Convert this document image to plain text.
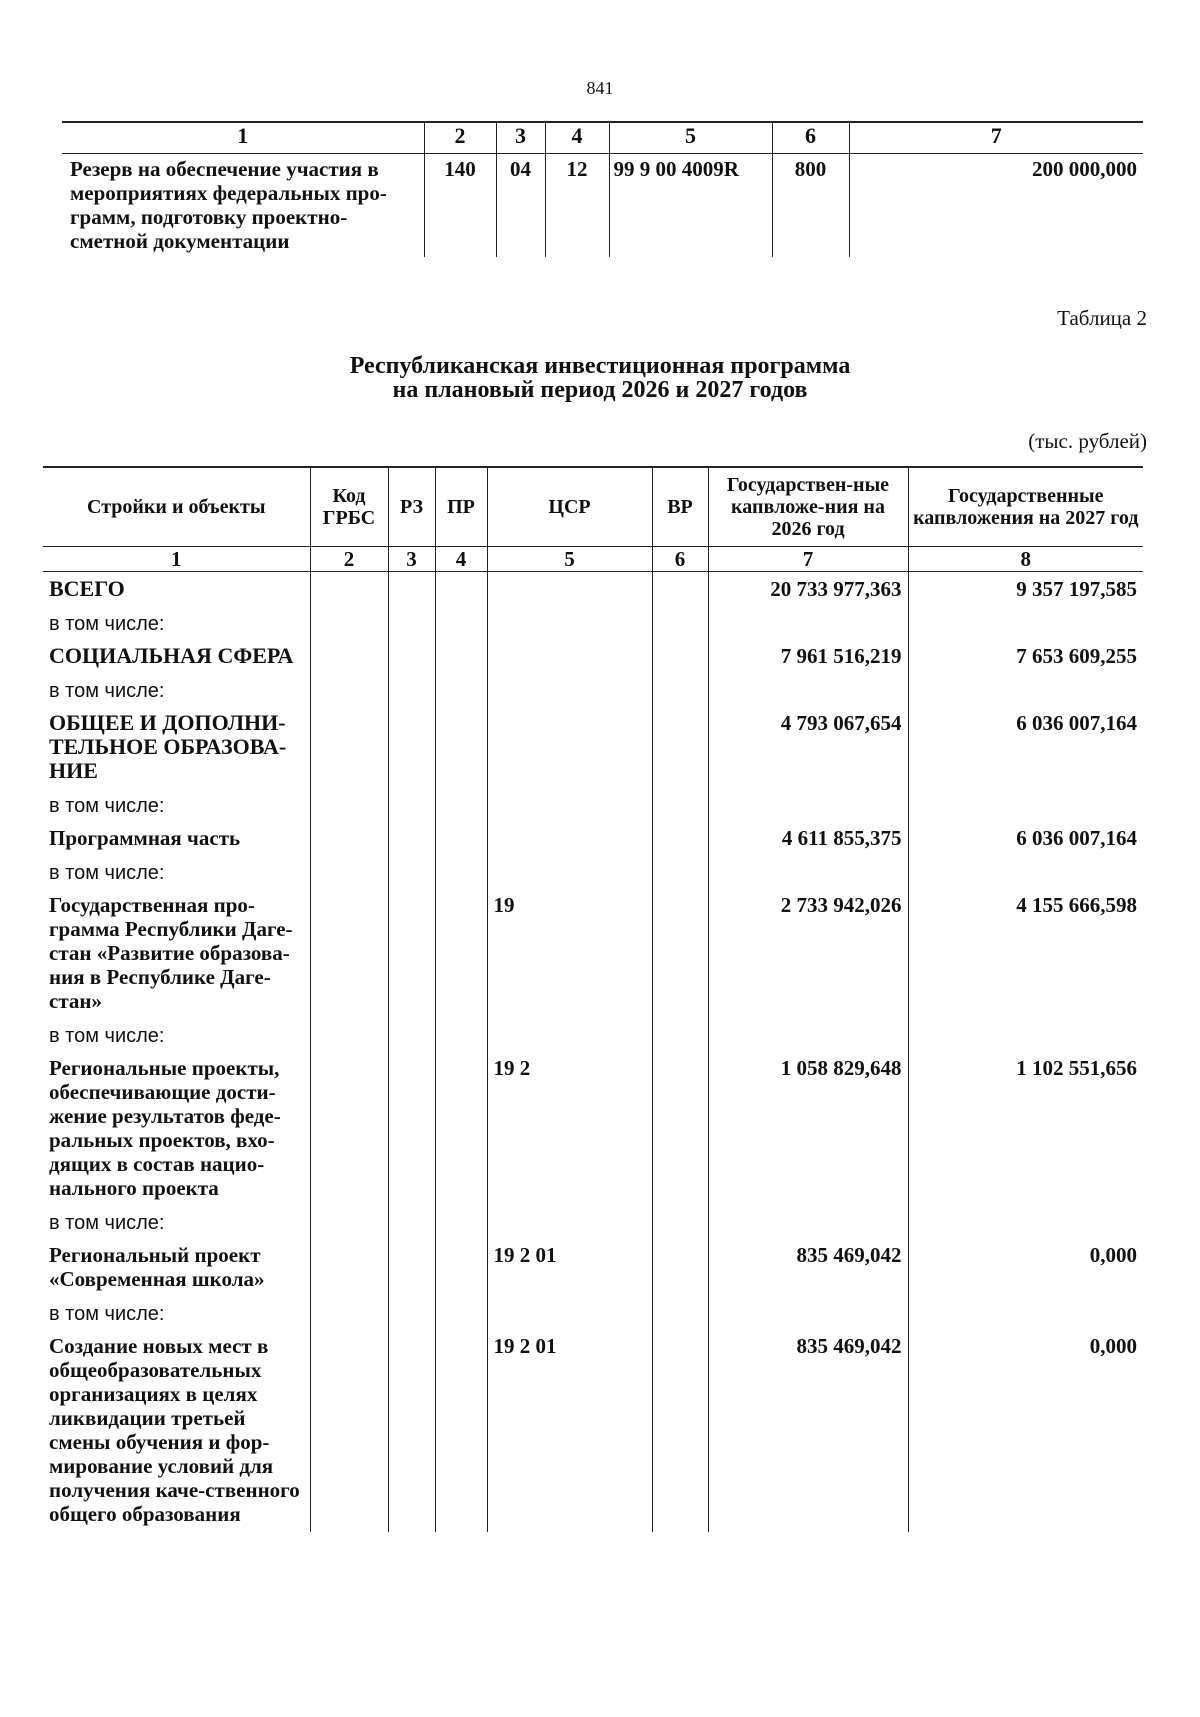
841
1	2	3	4	5	6	7
Резерв на обеспечение участия в мероприятиях федеральных про-грамм, подготовку проектно-сметной документации	140	04	12	99 9 00 4009R	800	200 000,000
Таблица 2
Республиканская инвестиционная программа
на плановый период 2026 и 2027 годов
(тыс. рублей)
Стройки и объекты	Код ГРБС	РЗ	ПР	ЦСР	ВР	Государствен-ные капвложе-ния на 2026 год	Государственные капвложения на 2027 год
1	2	3	4	5	6	7	8
ВСЕГО						20 733 977,363	9 357 197,585
в том числе:							
СОЦИАЛЬНАЯ СФЕРА						7 961 516,219	7 653 609,255
в том числе:							
ОБЩЕЕ И ДОПОЛНИ-ТЕЛЬНОЕ ОБРАЗОВА-НИЕ						4 793 067,654	6 036 007,164
в том числе:							
Программная часть						4 611 855,375	6 036 007,164
в том числе:							
Государственная про-грамма Республики Даге-стан «Развитие образова-ния в Республике Даге-стан»				19		2 733 942,026	4 155 666,598
в том числе:							
Региональные проекты, обеспечивающие дости-жение результатов феде-ральных проектов, вхо-дящих в состав нацио-нального проекта				19 2		1 058 829,648	1 102 551,656
в том числе:							
Региональный проект «Современная школа»				19 2 01		835 469,042	0,000
в том числе:							
Создание новых мест в общеобразовательных организациях в целях ликвидации третьей смены обучения и фор-мирование условий для получения каче-ственного общего образования				19 2 01		835 469,042	0,000
